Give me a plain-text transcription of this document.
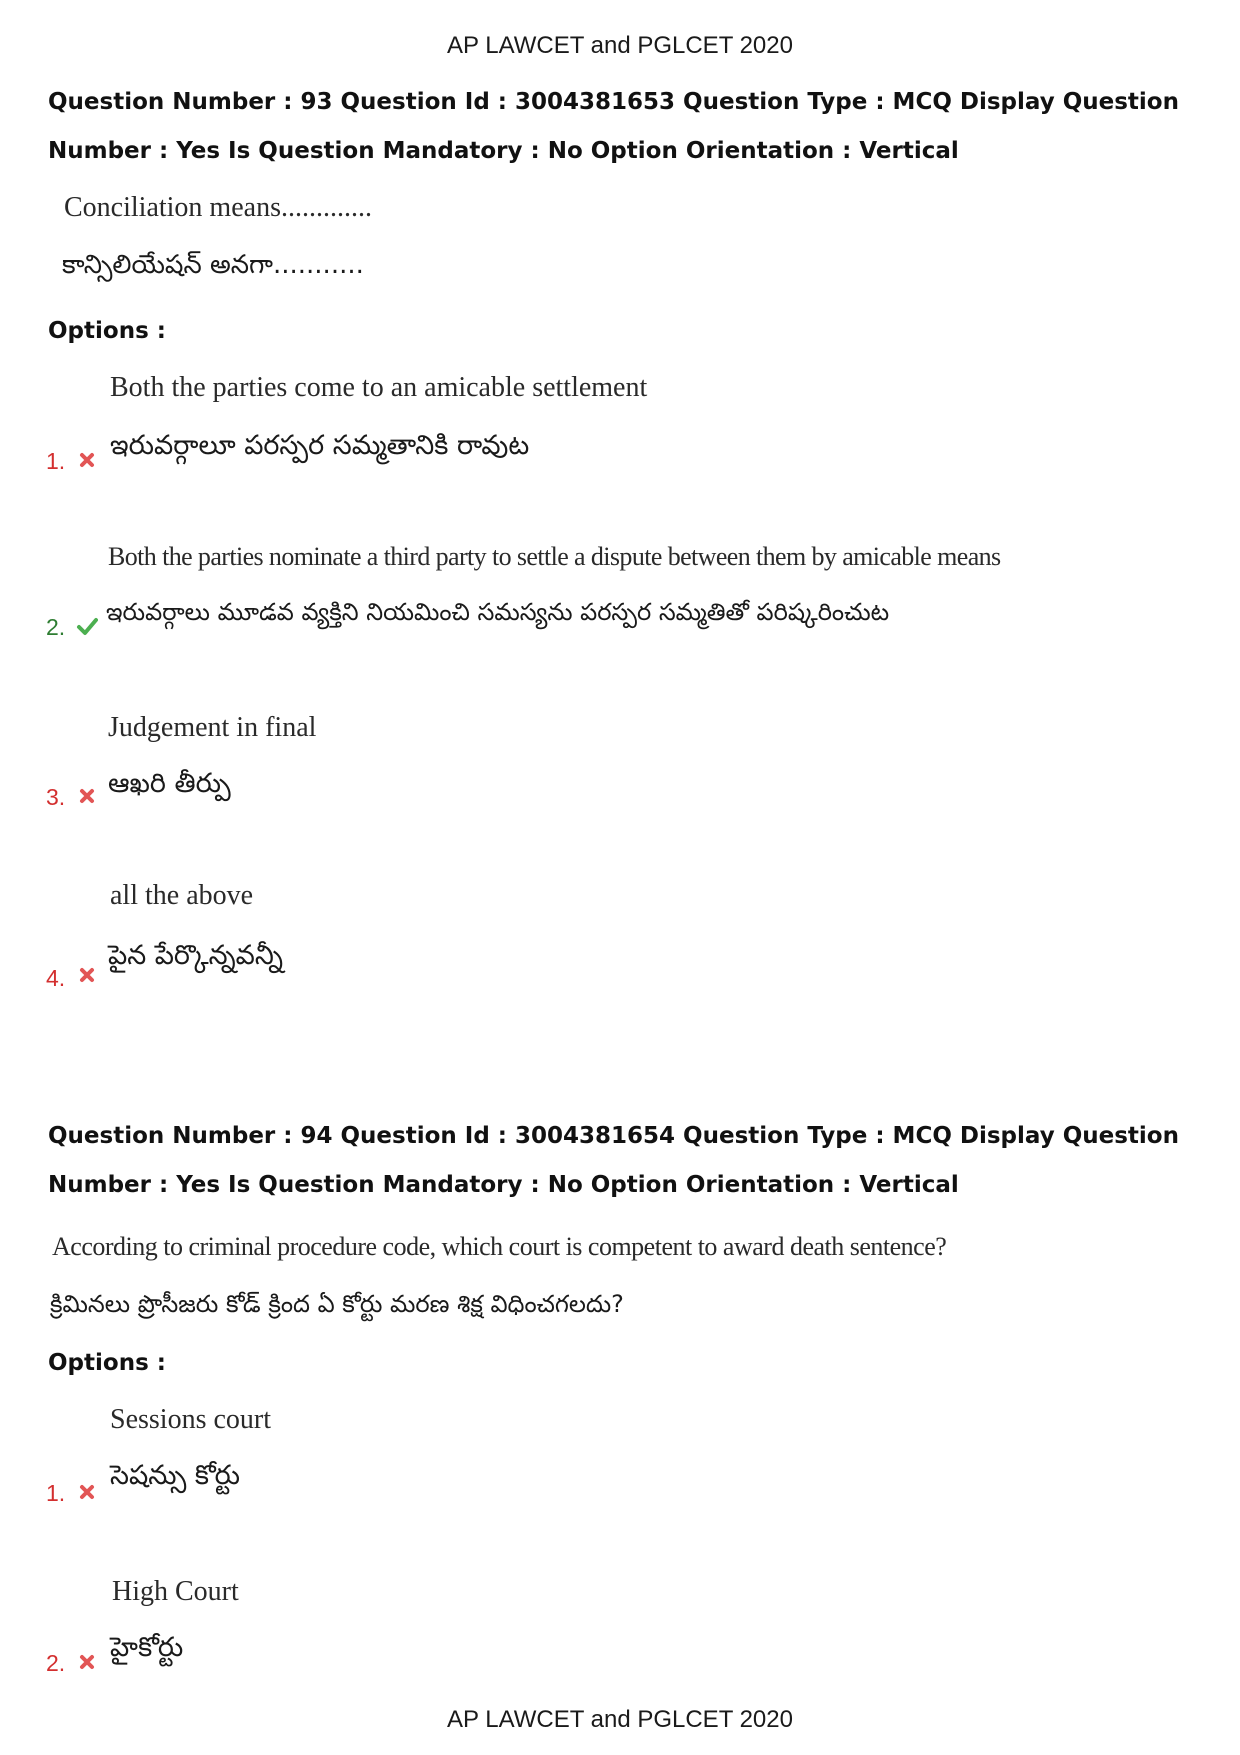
AP LAWCET and PGLCET 2020
Question Number : 93 Question Id : 3004381653 Question Type : MCQ Display Question Number : Yes Is Question Mandatory : No Option Orientation : Vertical
Conciliation means.............
కాన్సిలియేషన్ అనగా...........
Options :
Both the parties come to an amicable settlement
ఇరువర్గాలూ పరస్పర సమ్మతానికి రావుట
1.
Both the parties nominate a third party to settle a dispute between them by amicable means
ఇరువర్గాలు మూడవ వ్యక్తిని నియమించి సమస్యను పరస్పర సమ్మతితో పరిష్కరించుట
2.
Judgement in final
ఆఖరి తీర్పు
3.
all the above
పైన పేర్కొన్నవన్నీ
4.
Question Number : 94 Question Id : 3004381654 Question Type : MCQ Display Question Number : Yes Is Question Mandatory : No Option Orientation : Vertical
According to criminal procedure code, which court is competent to award death sentence?
క్రిమినలు ప్రొసీజరు కోడ్ క్రింద ఏ కోర్టు మరణ శిక్ష విధించగలదు?
Options :
Sessions court
సెషన్సు కోర్టు
1.
High Court
హైకోర్టు
2.
AP LAWCET and PGLCET 2020
